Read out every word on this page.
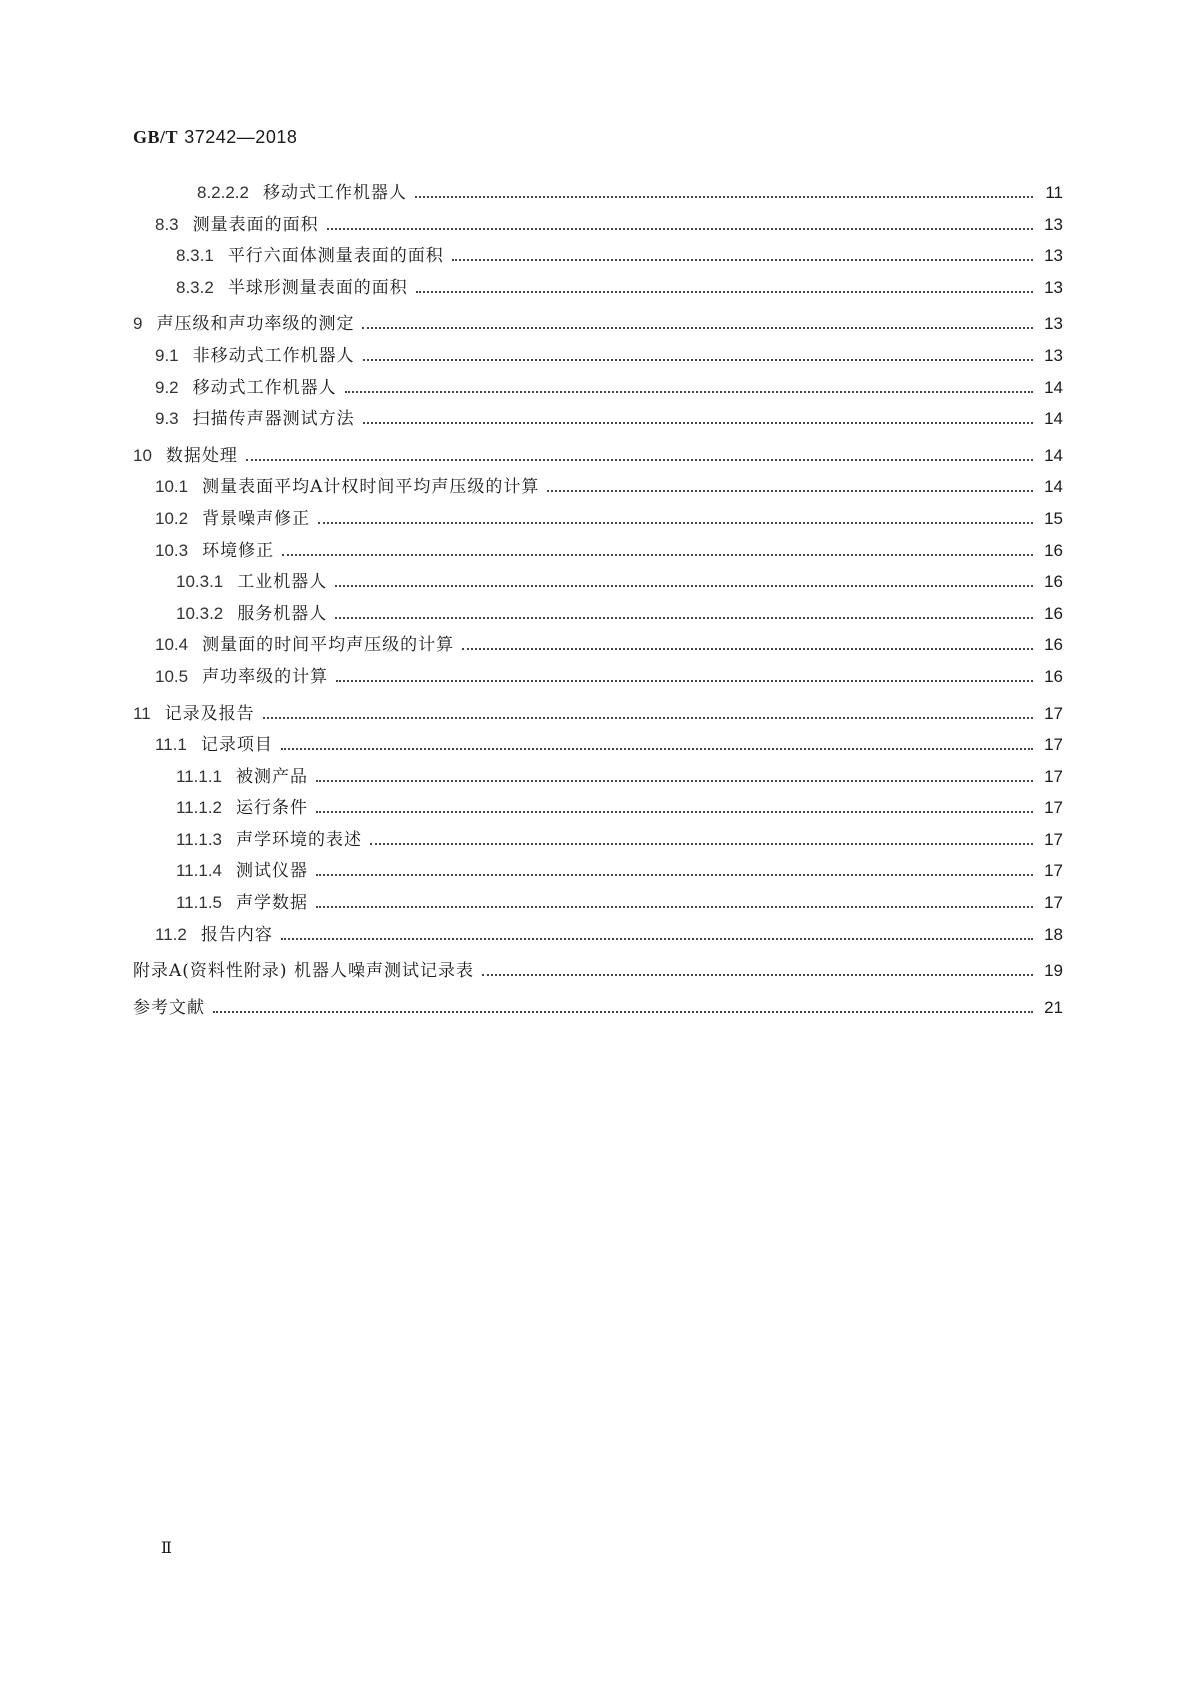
GB/T 37242—2018
8.2.2.2 移动式工作机器人	11
8.3 测量表面的面积	13
8.3.1 平行六面体测量表面的面积	13
8.3.2 半球形测量表面的面积	13
9 声压级和声功率级的测定	13
9.1 非移动式工作机器人	13
9.2 移动式工作机器人	14
9.3 扫描传声器测试方法	14
10 数据处理	14
10.1 测量表面平均A计权时间平均声压级的计算	14
10.2 背景噪声修正	15
10.3 环境修正	16
10.3.1 工业机器人	16
10.3.2 服务机器人	16
10.4 测量面的时间平均声压级的计算	16
10.5 声功率级的计算	16
11 记录及报告	17
11.1 记录项目	17
11.1.1 被测产品	17
11.1.2 运行条件	17
11.1.3 声学环境的表述	17
11.1.4 测试仪器	17
11.1.5 声学数据	17
11.2 报告内容	18
附录A(资料性附录) 机器人噪声测试记录表	19
参考文献	21
Ⅱ
